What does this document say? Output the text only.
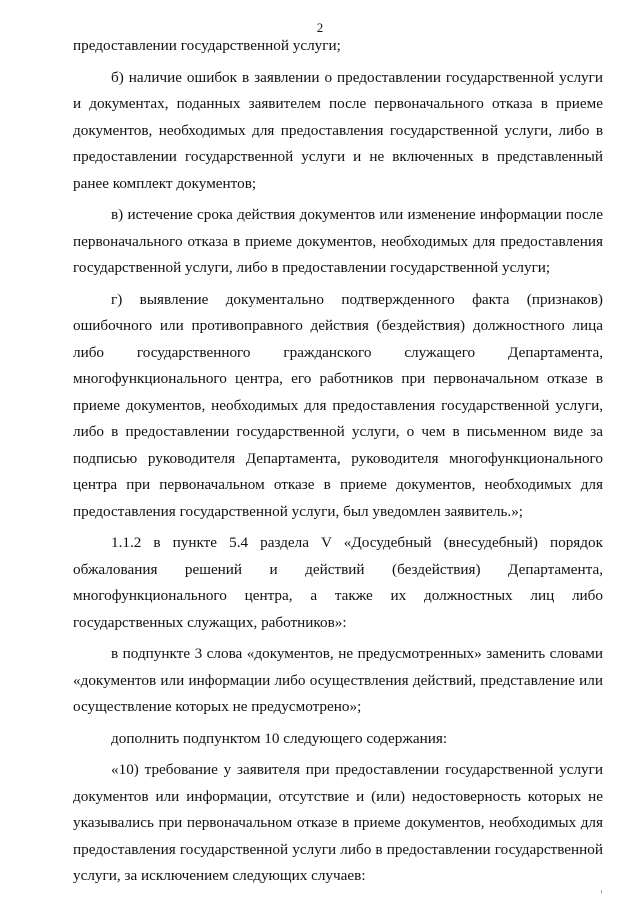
2

предоставлении государственной услуги;

б) наличие ошибок в заявлении о предоставлении государственной услуги и документах, поданных заявителем после первоначального отказа в приеме документов, необходимых для предоставления государственной услуги, либо в предоставлении государственной услуги и не включенных в представленный ранее комплект документов;

в) истечение срока действия документов или изменение информации после первоначального отказа в приеме документов, необходимых для предоставления государственной услуги, либо в предоставлении государственной услуги;

г) выявление документально подтвержденного факта (признаков) ошибочного или противоправного действия (бездействия) должностного лица либо государственного гражданского служащего Департамента, многофункционального центра, его работников при первоначальном отказе в приеме документов, необходимых для предоставления государственной услуги, либо в предоставлении государственной услуги, о чем в письменном виде за подписью руководителя Департамента, руководителя многофункционального центра при первоначальном отказе в приеме документов, необходимых для предоставления государственной услуги, был уведомлен заявитель.»;

1.1.2 в пункте 5.4 раздела V «Досудебный (внесудебный) порядок обжалования решений и действий (бездействия) Департамента, многофункционального центра, а также их должностных лиц либо государственных служащих, работников»:

в подпункте 3 слова «документов, не предусмотренных» заменить словами «документов или информации либо осуществления действий, представление или осуществление которых не предусмотрено»;

дополнить подпунктом 10 следующего содержания:

«10) требование у заявителя при предоставлении государственной услуги документов или информации, отсутствие и (или) недостоверность которых не указывались при первоначальном отказе в приеме документов, необходимых для предоставления государственной услуги либо в предоставлении государственной услуги, за исключением следующих случаев:
